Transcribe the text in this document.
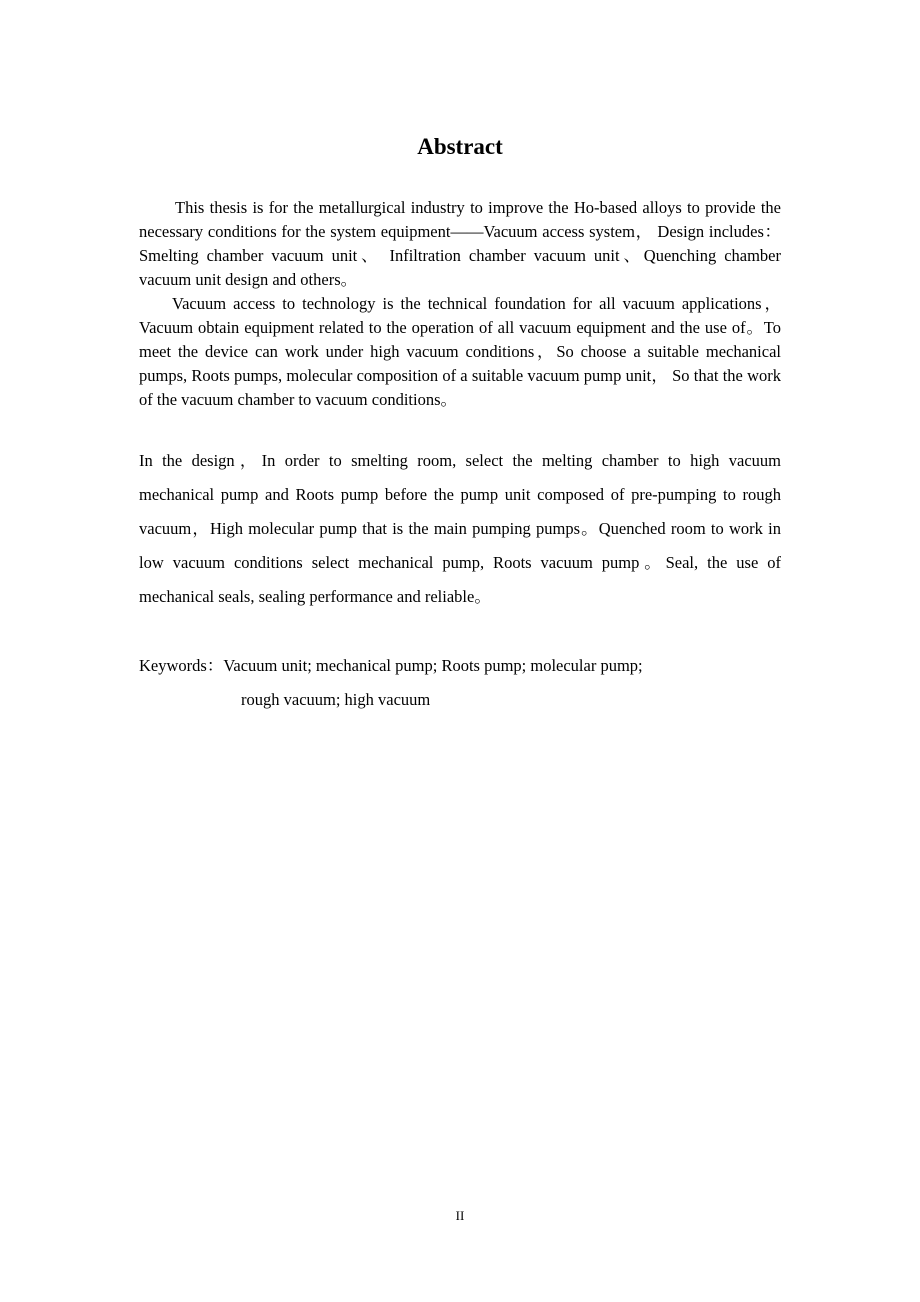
Abstract
This thesis is for the metallurgical industry to improve the Ho-based alloys to provide the necessary conditions for the system equipment——Vacuum access system， Design includes： Smelting chamber vacuum unit、 Infiltration chamber vacuum unit、Quenching chamber vacuum unit design and others。
Vacuum access to technology is the technical foundation for all vacuum applications， Vacuum obtain equipment related to the operation of all vacuum equipment and the use of。To meet the device can work under high vacuum conditions，So choose a suitable mechanical pumps, Roots pumps, molecular composition of a suitable vacuum pump unit， So that the work of the vacuum chamber to vacuum conditions。
In the design，In order to smelting room, select the melting chamber to high vacuum mechanical pump and Roots pump before the pump unit composed of pre-pumping to rough vacuum，High molecular pump that is the main pumping pumps。Quenched room to work in low vacuum conditions select mechanical pump, Roots vacuum pump。Seal, the use of mechanical seals, sealing performance and reliable。
Keywords：Vacuum unit; mechanical pump; Roots pump; molecular pump;
rough vacuum; high vacuum
II
